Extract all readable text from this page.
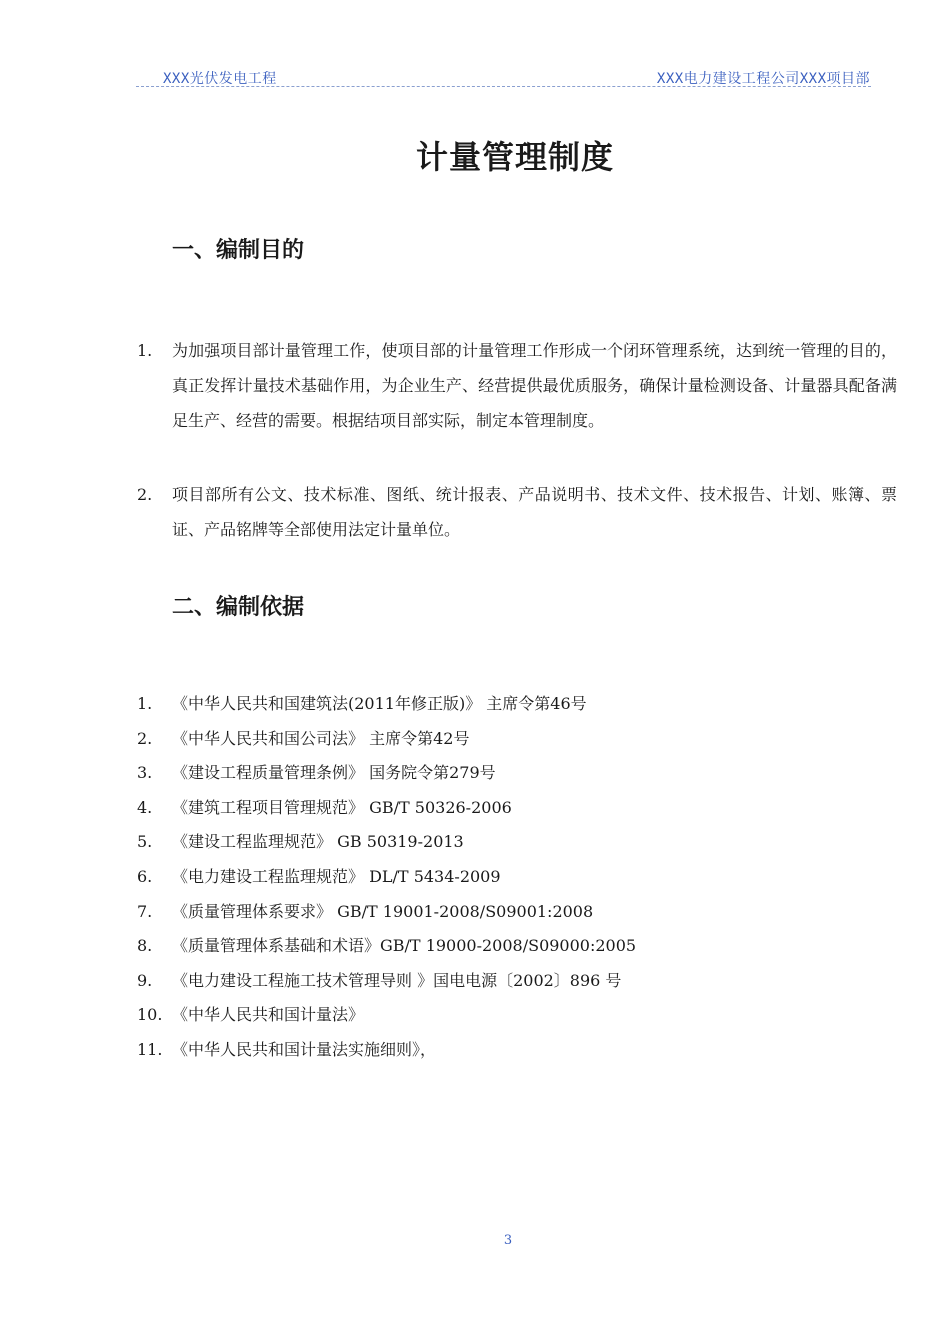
XXX光伏发电工程	XXX电力建设工程公司XXX项目部
计量管理制度
一、编制目的
1. 为加强项目部计量管理工作，使项目部的计量管理工作形成一个闭环管理系统，达到统一管理的目的，真正发挥计量技术基础作用，为企业生产、经营提供最优质服务，确保计量检测设备、计量器具配备满足生产、经营的需要。根据结项目部实际，制定本管理制度。
2. 项目部所有公文、技术标准、图纸、统计报表、产品说明书、技术文件、技术报告、计划、账簿、票证、产品铭牌等全部使用法定计量单位。
二、编制依据
1. 《中华人民共和国建筑法(2011年修正版)》 主席令第46号
2. 《中华人民共和国公司法》 主席令第42号
3. 《建设工程质量管理条例》 国务院令第279号
4. 《建筑工程项目管理规范》 GB/T 50326-2006
5. 《建设工程监理规范》 GB 50319-2013
6. 《电力建设工程监理规范》 DL/T 5434-2009
7. 《质量管理体系要求》 GB/T 19001-2008/S09001:2008
8. 《质量管理体系基础和术语》GB/T 19000-2008/S09000:2005
9. 《电力建设工程施工技术管理导则 》国电电源〔2002〕896 号
10. 《中华人民共和国计量法》
11. 《中华人民共和国计量法实施细则》，
3
